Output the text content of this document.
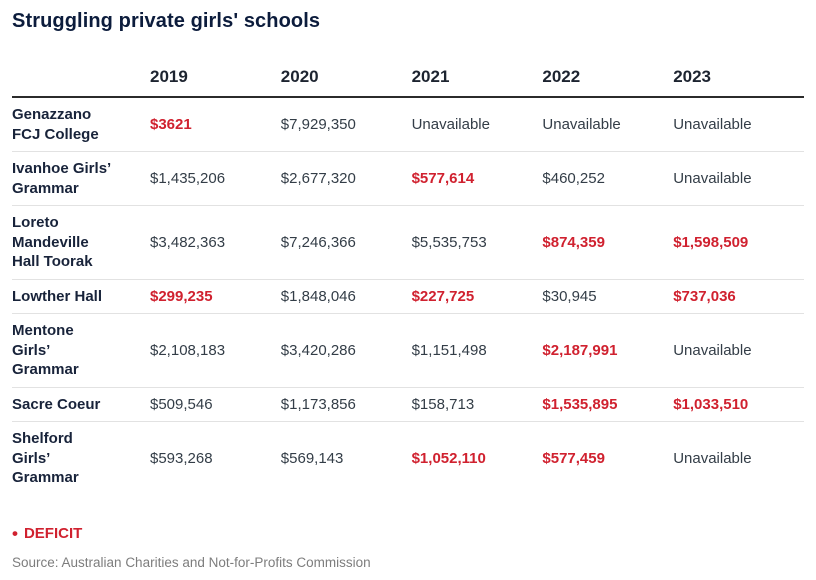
Struggling private girls' schools
2019	2020	2021	2022	2023
Genazzano
FCJ College
$3621	$7,929,350	Unavailable	Unavailable	Unavailable
Ivanhoe Girls’
Grammar
$1,435,206	$2,677,320	$577,614	$460,252	Unavailable
Loreto
Mandeville
Hall Toorak
$3,482,363	$7,246,366	$5,535,753	$874,359	$1,598,509
Lowther Hall	$299,235	$1,848,046	$227,725	$30,945	$737,036
Mentone
Girls’
Grammar
$2,108,183	$3,420,286	$1,151,498	$2,187,991	Unavailable
Sacre Coeur	$509,546	$1,173,856	$158,713	$1,535,895	$1,033,510
Shelford
Girls’
Grammar
$593,268	$569,143	$1,052,110	$577,459	Unavailable
• DEFICIT
Source: Australian Charities and Not-for-Profits Commission
